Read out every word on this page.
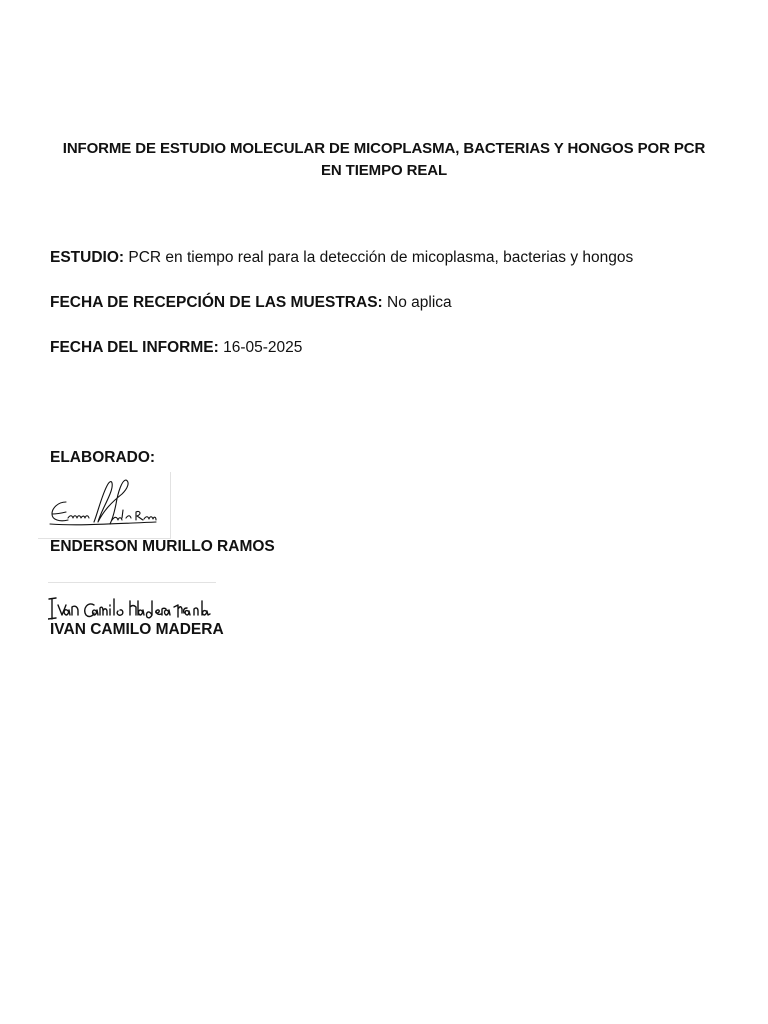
INFORME DE ESTUDIO MOLECULAR DE MICOPLASMA, BACTERIAS Y HONGOS POR PCR
EN TIEMPO REAL
ESTUDIO: PCR en tiempo real para la detección de micoplasma, bacterias y hongos
FECHA DE RECEPCIÓN DE LAS MUESTRAS: No aplica
FECHA DEL INFORME: 16-05-2025
ELABORADO:
ENDERSON MURILLO RAMOS
IVAN CAMILO MADERA
